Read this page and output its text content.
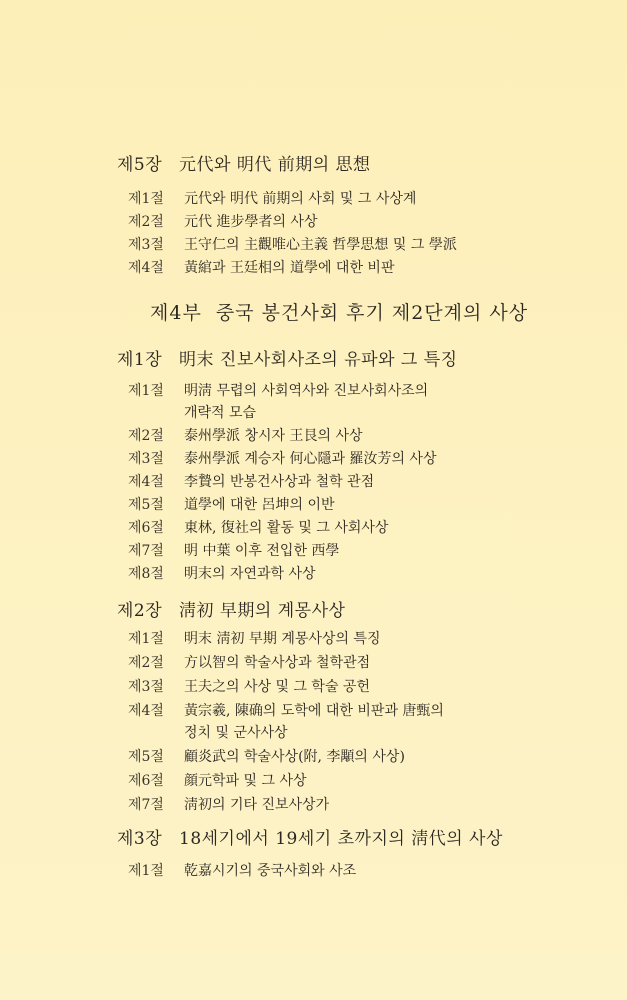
제5장 元代와 明代 前期의 思想
제1절 元代와 明代 前期의 사회 및 그 사상계
제2절 元代 進步學者의 사상
제3절 王守仁의 主觀唯心主義 哲學思想 및 그 學派
제4절 黃綰과 王廷相의 道學에 대한 비판
제4부 중국 봉건사회 후기 제2단계의 사상
제1장 明末 진보사회사조의 유파와 그 특징
제1절 明淸 무렵의 사회역사와 진보사회사조의
개략적 모습
제2절 泰州學派 창시자 王艮의 사상
제3절 泰州學派 계승자 何心隱과 羅汝芳의 사상
제4절 李贄의 반봉건사상과 철학 관점
제5절 道學에 대한 呂坤의 이반
제6절 東林, 復社의 활동 및 그 사회사상
제7절 明 中葉 이후 전입한 西學
제8절 明末의 자연과학 사상
제2장 淸初 早期의 계몽사상
제1절 明末 淸初 早期 계몽사상의 특징
제2절 方以智의 학술사상과 철학관점
제3절 王夫之의 사상 및 그 학술 공헌
제4절 黃宗羲, 陳确의 도학에 대한 비판과 唐甄의
정치 및 군사사상
제5절 顧炎武의 학술사상(附, 李顒의 사상)
제6절 顔元학파 및 그 사상
제7절 淸初의 기타 진보사상가
제3장 18세기에서 19세기 초까지의 淸代의 사상
제1절 乾嘉시기의 중국사회와 사조
